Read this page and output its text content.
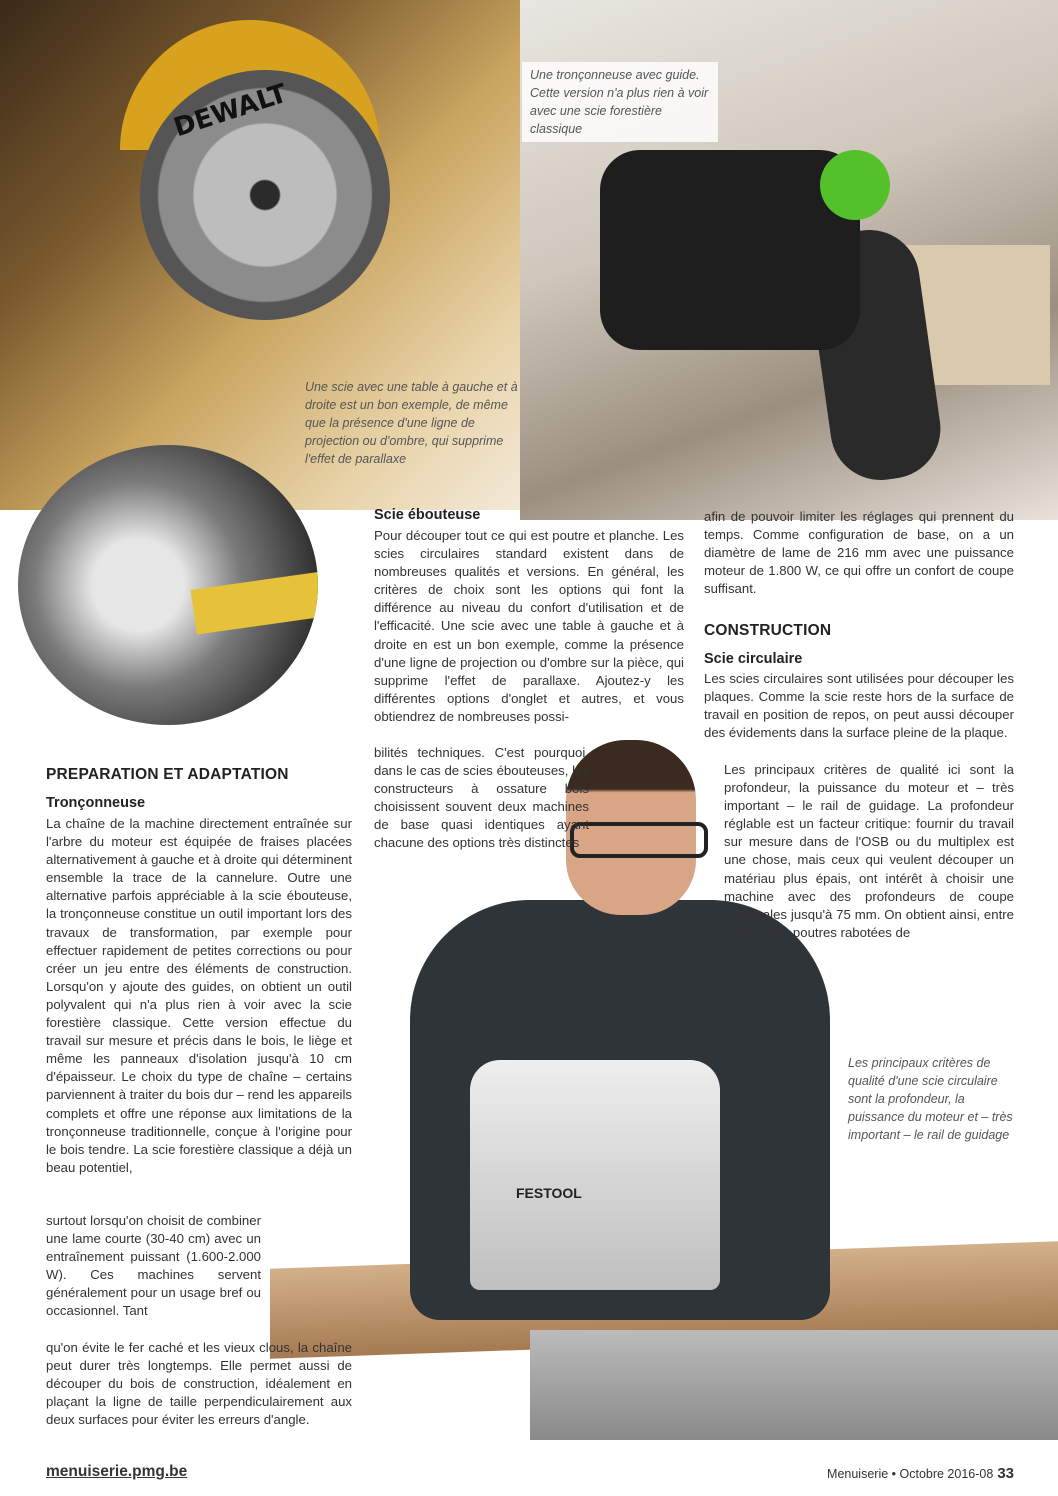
DEWALT
FESTOOL
Une tronçonneuse avec guide. Cette version n'a plus rien à voir avec une scie forestière classique
Une scie avec une table à gauche et à droite est un bon exemple, de même que la présence d'une ligne de projection ou d'ombre, qui supprime l'effet de parallaxe
Les principaux critères de qualité d'une scie circulaire sont la profondeur, la puissance du moteur et – très important – le rail de guidage
PREPARATION ET ADAPTATION
Tronçonneuse

La chaîne de la machine directement entraînée sur l'arbre du moteur est équipée de fraises placées alternativement à gauche et à droite qui déterminent ensemble la trace de la cannelure. Outre une alternative parfois appréciable à la scie ébouteuse, la tronçonneuse constitue un outil important lors des travaux de transformation, par exemple pour effectuer rapidement de petites corrections ou pour créer un jeu entre des éléments de construction. Lorsqu'on y ajoute des guides, on obtient un outil polyvalent qui n'a plus rien à voir avec la scie forestière classique. Cette version effectue du travail sur mesure et précis dans le bois, le liège et même les panneaux d'isolation jusqu'à 10 cm d'épaisseur. Le choix du type de chaîne – certains parviennent à traiter du bois dur – rend les appareils complets et offre une réponse aux limitations de la tronçonneuse traditionnelle, conçue à l'origine pour le bois tendre. La scie forestière classique a déjà un beau potentiel,

surtout lorsqu'on choisit de combiner une lame courte (30-40 cm) avec un entraînement puissant (1.600-2.000 W). Ces machines servent généralement pour un usage bref ou occasionnel. Tant

qu'on évite le fer caché et les vieux clous, la chaîne peut durer très longtemps. Elle permet aussi de découper du bois de construction, idéalement en plaçant la ligne de taille perpendiculairement aux deux surfaces pour éviter les erreurs d'angle.

Scie ébouteuse

Pour découper tout ce qui est poutre et planche. Les scies circulaires standard existent dans de nombreuses qualités et versions. En général, les critères de choix sont les options qui font la différence au niveau du confort d'utilisation et de l'efficacité. Une scie avec une table à gauche et à droite en est un bon exemple, comme la présence d'une ligne de projection ou d'ombre sur la pièce, qui supprime l'effet de parallaxe. Ajoutez-y les différentes options d'onglet et autres, et vous obtiendrez de nombreuses possi-

bilités techniques. C'est pourquoi, dans le cas de scies ébouteuses, les constructeurs à ossature bois choisissent souvent deux machines de base quasi identiques ayant chacune des options très distinctes

afin de pouvoir limiter les réglages qui prennent du temps. Comme configuration de base, on a un diamètre de lame de 216 mm avec une puissance moteur de 1.800 W, ce qui offre un confort de coupe suffisant.

CONSTRUCTION
Scie circulaire

Les scies circulaires sont utilisées pour découper les plaques. Comme la scie reste hors de la surface de travail en position de repos, on peut aussi découper des évidements dans la surface pleine de la plaque.

Les principaux critères de qualité ici sont la profondeur, la puissance du moteur et – très important – le rail de guidage. La profondeur réglable est un facteur critique: fournir du travail sur mesure dans de l'OSB ou du multiplex est une chose, mais ceux qui veulent découper un matériau plus épais, ont intérêt à choisir une machine avec des profondeurs de coupe maximales jusqu'à 75 mm. On obtient ainsi, entre autres, des poutres rabotées de

menuiserie.pmg.be	Menuiserie • Octobre 2016-08 33
